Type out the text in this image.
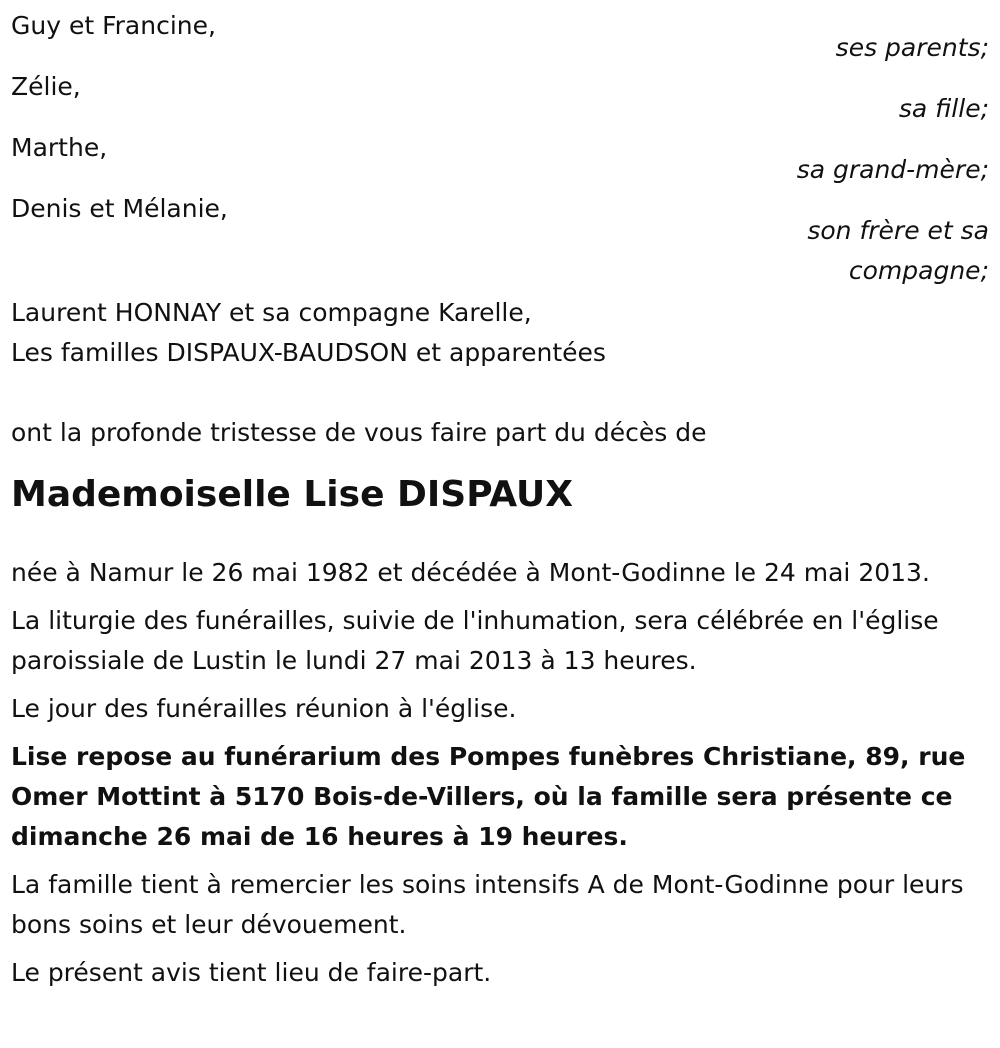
Guy et Francine,
ses parents;
Zélie,
sa fille;
Marthe,
sa grand-mère;
Denis et Mélanie,
son frère et sa
compagne;
Laurent HONNAY et sa compagne Karelle,
Les familles DISPAUX-BAUDSON et apparentées
ont la profonde tristesse de vous faire part du décès de
Mademoiselle Lise DISPAUX

née à Namur le 26 mai 1982 et décédée à Mont-Godinne le 24 mai 2013.

La liturgie des funérailles, suivie de l'inhumation, sera célébrée en l'église paroissiale de Lustin le lundi 27 mai 2013 à 13 heures.

Le jour des funérailles réunion à l'église.

Lise repose au funérarium des Pompes funèbres Christiane, 89, rue Omer Mottint à 5170 Bois-de-Villers, où la famille sera présente ce dimanche 26 mai de 16 heures à 19 heures.

La famille tient à remercier les soins intensifs A de Mont-Godinne pour leurs bons soins et leur dévouement.

Le présent avis tient lieu de faire-part.
